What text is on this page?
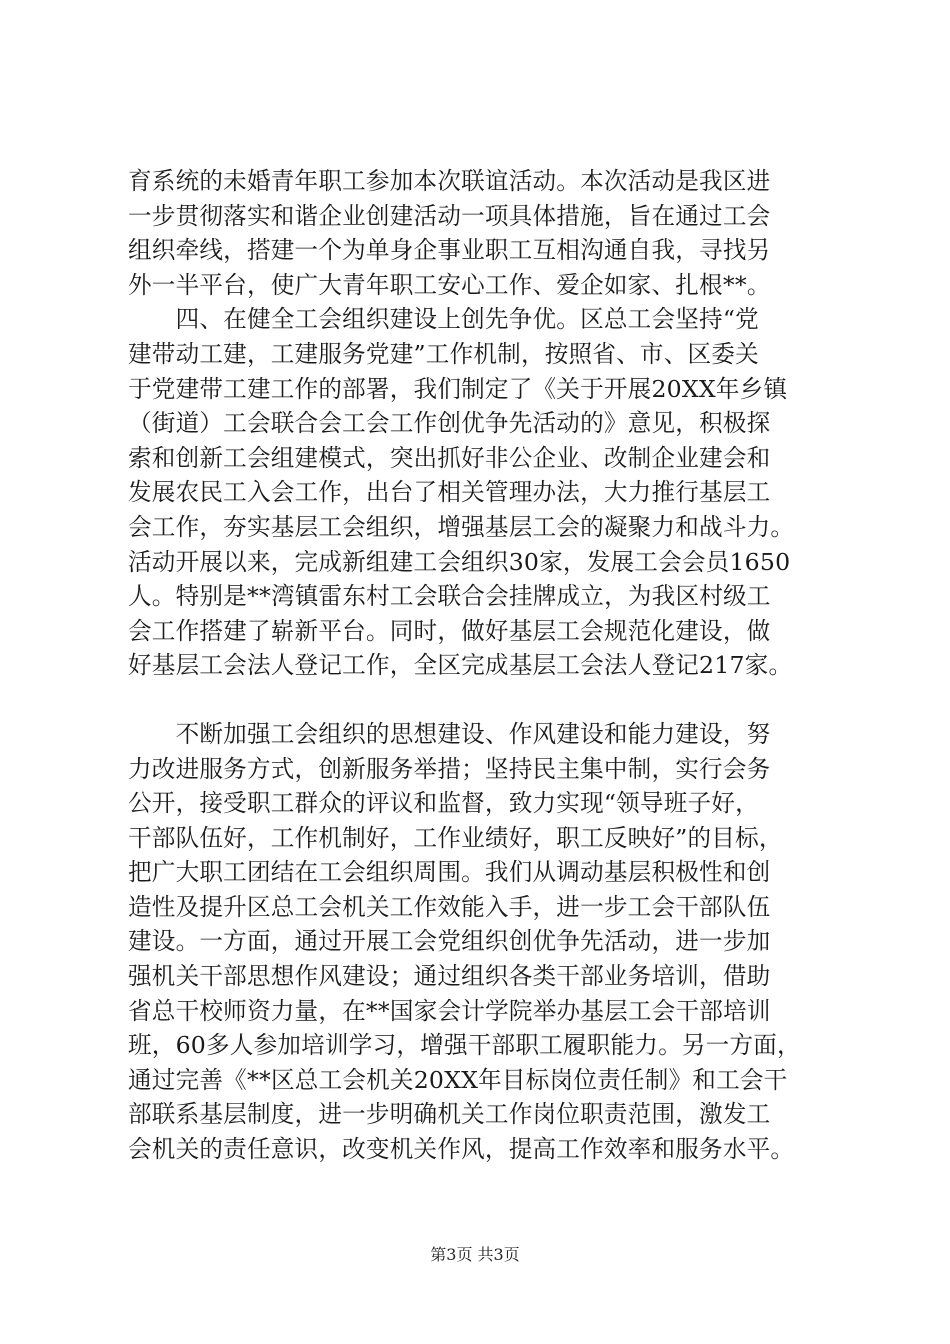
育系统的未婚青年职工参加本次联谊活动。本次活动是我区进
一步贯彻落实和谐企业创建活动一项具体措施，旨在通过工会
组织牵线，搭建一个为单身企事业职工互相沟通自我，寻找另
外一半平台，使广大青年职工安心工作、爱企如家、扎根**。
　　四、在健全工会组织建设上创先争优。区总工会坚持“党
建带动工建，工建服务党建”工作机制，按照省、市、区委关
于党建带工建工作的部署，我们制定了《关于开展20XX年乡镇
（街道）工会联合会工会工作创优争先活动的》意见，积极探
索和创新工会组建模式，突出抓好非公企业、改制企业建会和
发展农民工入会工作，出台了相关管理办法，大力推行基层工
会工作，夯实基层工会组织，增强基层工会的凝聚力和战斗力。
活动开展以来，完成新组建工会组织30家，发展工会会员1650
人。特别是**湾镇雷东村工会联合会挂牌成立，为我区村级工
会工作搭建了崭新平台。同时，做好基层工会规范化建设，做
好基层工会法人登记工作，全区完成基层工会法人登记217家。
　　不断加强工会组织的思想建设、作风建设和能力建设，努
力改进服务方式，创新服务举措；坚持民主集中制，实行会务
公开，接受职工群众的评议和监督，致力实现“领导班子好，
干部队伍好，工作机制好，工作业绩好，职工反映好”的目标，
把广大职工团结在工会组织周围。我们从调动基层积极性和创
造性及提升区总工会机关工作效能入手，进一步工会干部队伍
建设。一方面，通过开展工会党组织创优争先活动，进一步加
强机关干部思想作风建设；通过组织各类干部业务培训，借助
省总干校师资力量，在**国家会计学院举办基层工会干部培训
班，60多人参加培训学习，增强干部职工履职能力。另一方面，
通过完善《**区总工会机关20XX年目标岗位责任制》和工会干
部联系基层制度，进一步明确机关工作岗位职责范围，激发工
会机关的责任意识，改变机关作风，提高工作效率和服务水平。
第3页 共3页
